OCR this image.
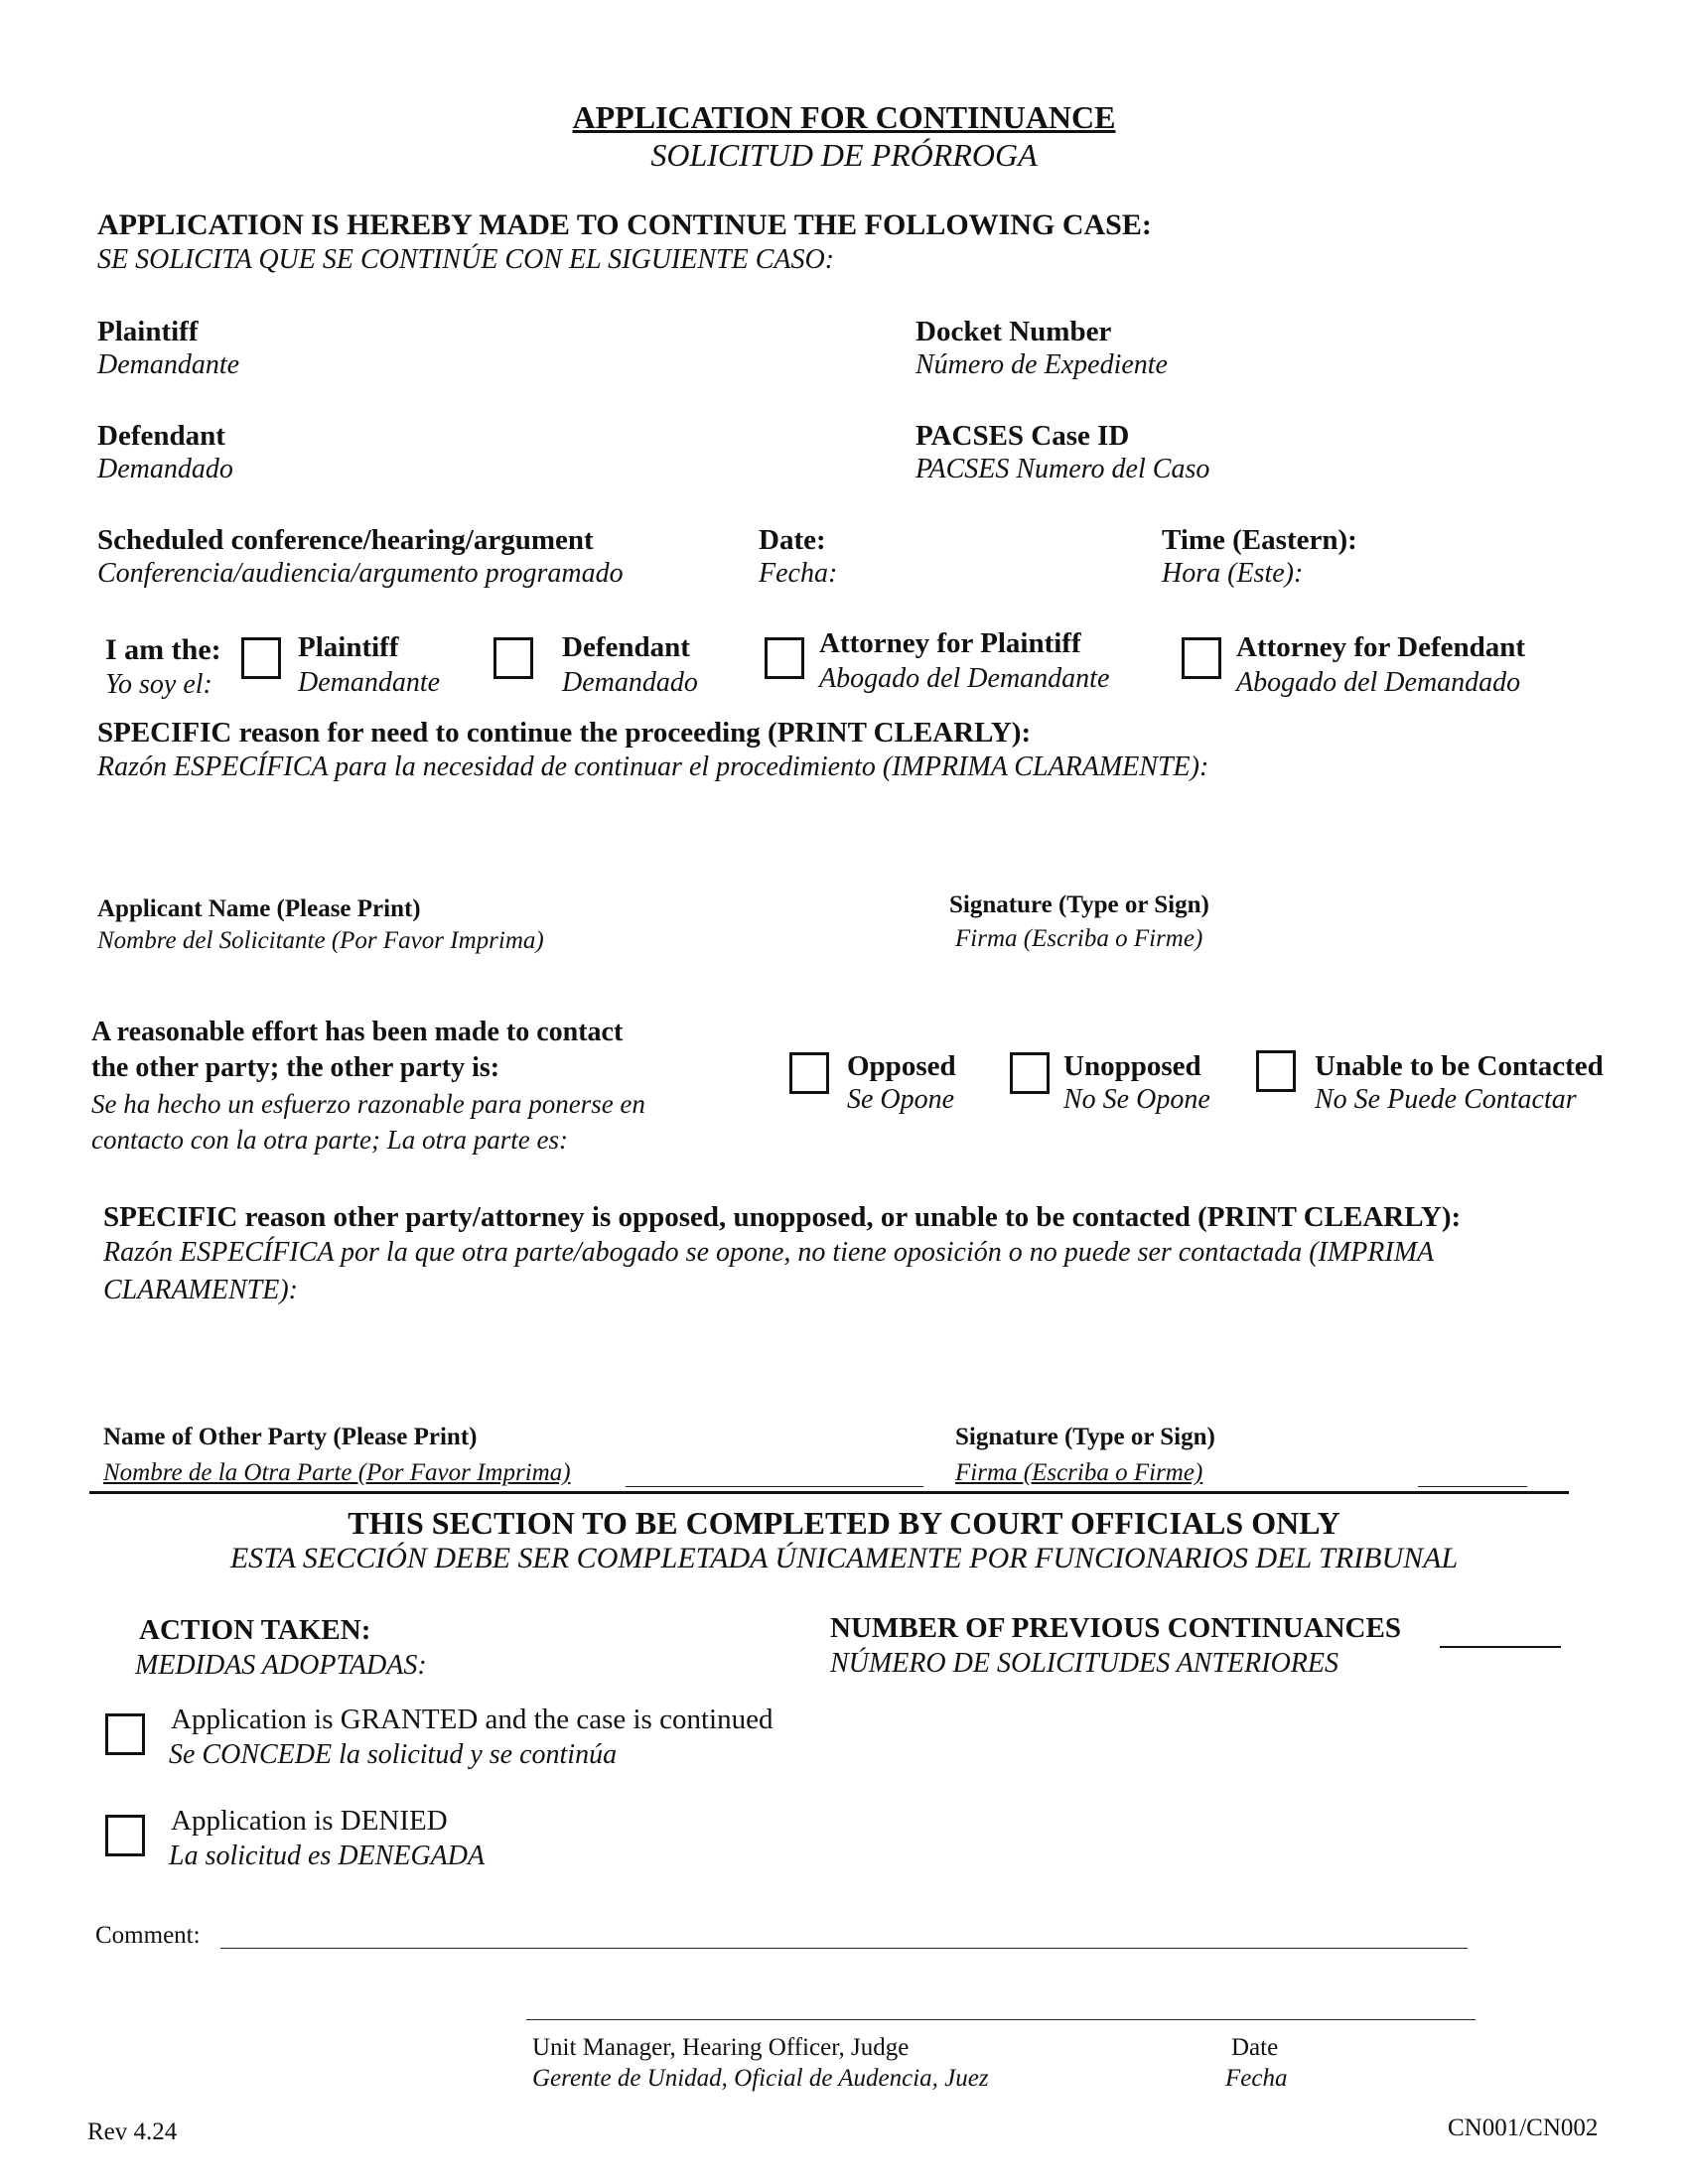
APPLICATION FOR CONTINUANCE
SOLICITUD DE PRÓRROGA
APPLICATION IS HEREBY MADE TO CONTINUE THE FOLLOWING CASE:
SE SOLICITA QUE SE CONTINÚE CON EL SIGUIENTE CASO:
Plaintiff
Demandante
Docket Number
Número de Expediente
Defendant
Demandado
PACSES Case ID
PACSES Numero del Caso
Scheduled conference/hearing/argument
Conferencia/audiencia/argumento programado
Date:
Fecha:
Time (Eastern):
Hora (Este):
I am the:
Yo soy el:
Plaintiff
Demandante
Defendant
Demandado
Attorney for Plaintiff
Abogado del Demandante
Attorney for Defendant
Abogado del Demandado
SPECIFIC reason for need to continue the proceeding (PRINT CLEARLY):
Razón ESPECÍFICA para la necesidad de continuar el procedimiento (IMPRIMA CLARAMENTE):
Applicant Name (Please Print)
Nombre del Solicitante (Por Favor Imprima)
Signature (Type or Sign)
Firma (Escriba o Firme)
A reasonable effort has been made to contact
the other party; the other party is:
Se ha hecho un esfuerzo razonable para ponerse en
contacto con la otra parte; La otra parte es:
Opposed
Se Opone
Unopposed
No Se Opone
Unable to be Contacted
No Se Puede Contactar
SPECIFIC reason other party/attorney is opposed, unopposed, or unable to be contacted (PRINT CLEARLY):
Razón ESPECÍFICA por la que otra parte/abogado se opone, no tiene oposición o no puede ser contactada (IMPRIMA
CLARAMENTE):
Name of Other Party (Please Print)
Nombre de la Otra Parte (Por Favor Imprima)
Signature (Type or Sign)
Firma (Escriba o Firme)
THIS SECTION TO BE COMPLETED BY COURT OFFICIALS ONLY
ESTA SECCIÓN DEBE SER COMPLETADA ÚNICAMENTE POR FUNCIONARIOS DEL TRIBUNAL
ACTION TAKEN:
MEDIDAS ADOPTADAS:
NUMBER OF PREVIOUS CONTINUANCES
NÚMERO DE SOLICITUDES ANTERIORES
Application is GRANTED and the case is continued
Se CONCEDE la solicitud y se continúa
Application is DENIED
La solicitud es DENEGADA
Comment:
Unit Manager, Hearing Officer, Judge
Gerente de Unidad, Oficial de Audencia, Juez
Date
Fecha
Rev 4.24	CN001/CN002
